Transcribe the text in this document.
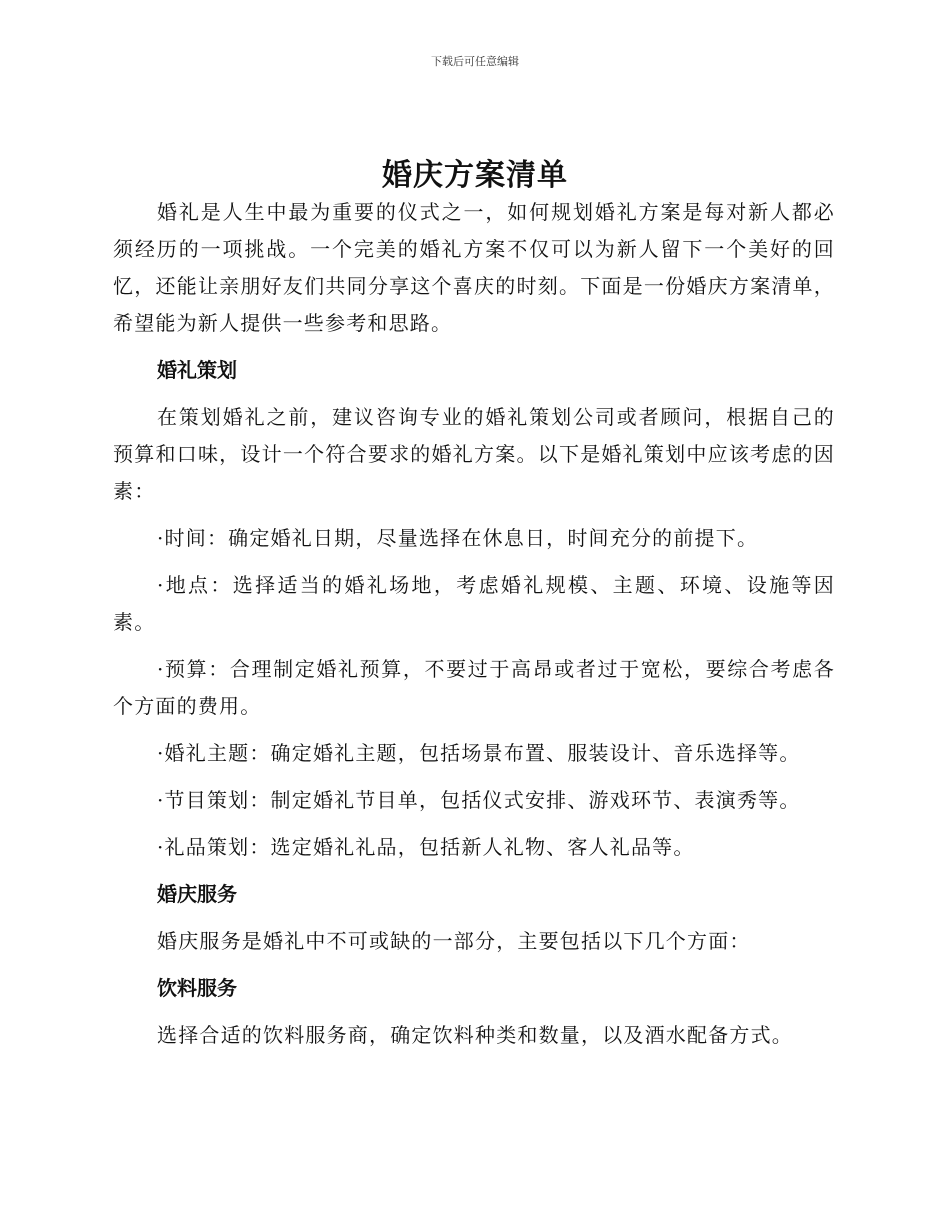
下载后可任意编辑
婚庆方案清单

婚礼是人生中最为重要的仪式之一，如何规划婚礼方案是每对新人都必须经历的一项挑战。一个完美的婚礼方案不仅可以为新人留下一个美好的回忆，还能让亲朋好友们共同分享这个喜庆的时刻。下面是一份婚庆方案清单，希望能为新人提供一些参考和思路。

婚礼策划

在策划婚礼之前，建议咨询专业的婚礼策划公司或者顾问，根据自己的预算和口味，设计一个符合要求的婚礼方案。以下是婚礼策划中应该考虑的因素：

·时间：确定婚礼日期，尽量选择在休息日，时间充分的前提下。

·地点：选择适当的婚礼场地，考虑婚礼规模、主题、环境、设施等因素。

·预算：合理制定婚礼预算，不要过于高昂或者过于宽松，要综合考虑各个方面的费用。

·婚礼主题：确定婚礼主题，包括场景布置、服装设计、音乐选择等。

·节目策划：制定婚礼节目单，包括仪式安排、游戏环节、表演秀等。

·礼品策划：选定婚礼礼品，包括新人礼物、客人礼品等。

婚庆服务

婚庆服务是婚礼中不可或缺的一部分，主要包括以下几个方面：

饮料服务

选择合适的饮料服务商，确定饮料种类和数量，以及酒水配备方式。
